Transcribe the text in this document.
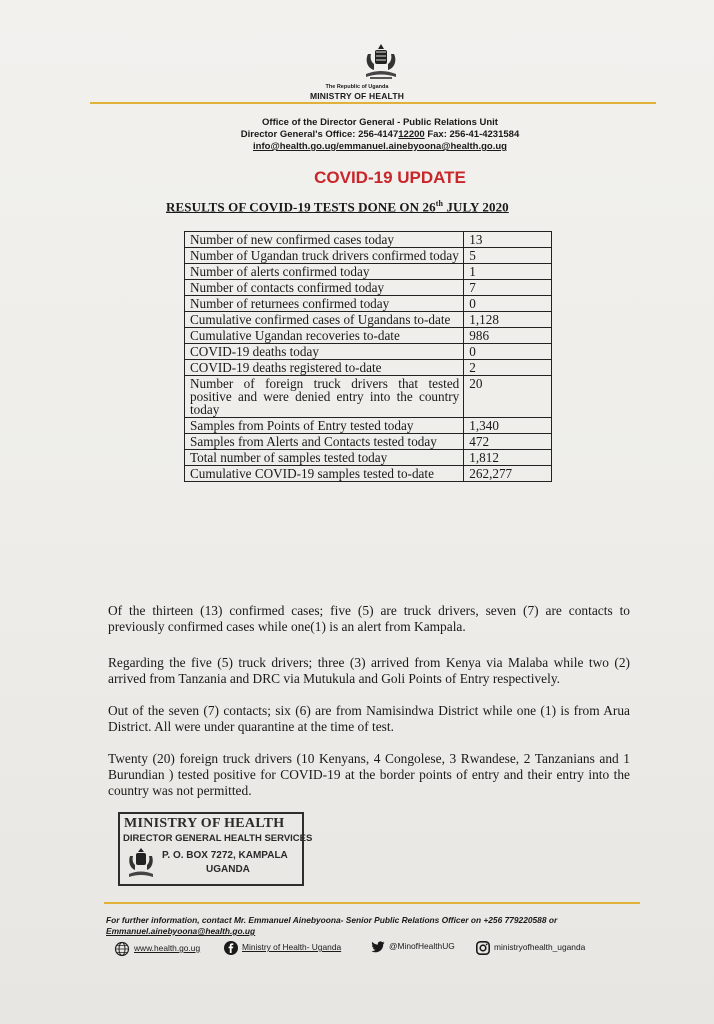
The Republic of Uganda
MINISTRY OF HEALTH
Office of the Director General - Public Relations Unit
Director General's Office: 256-414712200 Fax: 256-41-4231584
info@health.go.ug/emmanuel.ainebyoona@health.go.ug
COVID-19 UPDATE
RESULTS OF COVID-19 TESTS DONE ON 26th JULY 2020
Number of new confirmed cases today	13
Number of Ugandan truck drivers confirmed today	5
Number of alerts confirmed today	1
Number of contacts confirmed today	7
Number of returnees confirmed today	0
Cumulative confirmed cases of Ugandans to-date	1,128
Cumulative Ugandan recoveries to-date	986
COVID-19 deaths today	0
COVID-19 deaths registered to-date	2
Number of foreign truck drivers that tested positive and were denied entry into the country today	20
Samples from Points of Entry tested today	1,340
Samples from Alerts and Contacts tested today	472
Total number of samples tested today	1,812
Cumulative COVID-19 samples tested to-date	262,277
Of the thirteen (13) confirmed cases; five (5) are truck drivers, seven (7) are contacts to previously confirmed cases while one(1) is an alert from Kampala.
Regarding the five (5) truck drivers; three (3) arrived from Kenya via Malaba while two (2) arrived from Tanzania and DRC via Mutukula and Goli Points of Entry respectively.
Out of the seven (7) contacts; six (6) are from Namisindwa District while one (1) is from Arua District. All were under quarantine at the time of test.
Twenty (20) foreign truck drivers (10 Kenyans, 4 Congolese, 3 Rwandese, 2 Tanzanians and 1 Burundian ) tested positive for COVID-19 at the border points of entry and their entry into the country was not permitted.
MINISTRY OF HEALTH
DIRECTOR GENERAL HEALTH SERVICES
P. O. BOX 7272, KAMPALA
UGANDA
For further information, contact Mr. Emmanuel Ainebyoona- Senior Public Relations Officer on +256 779220588 or
Emmanuel.ainebyoona@health.go.ug
www.health.go.ug	Ministry of Health- Uganda	@MinofHealthUG	ministryofhealth_uganda
